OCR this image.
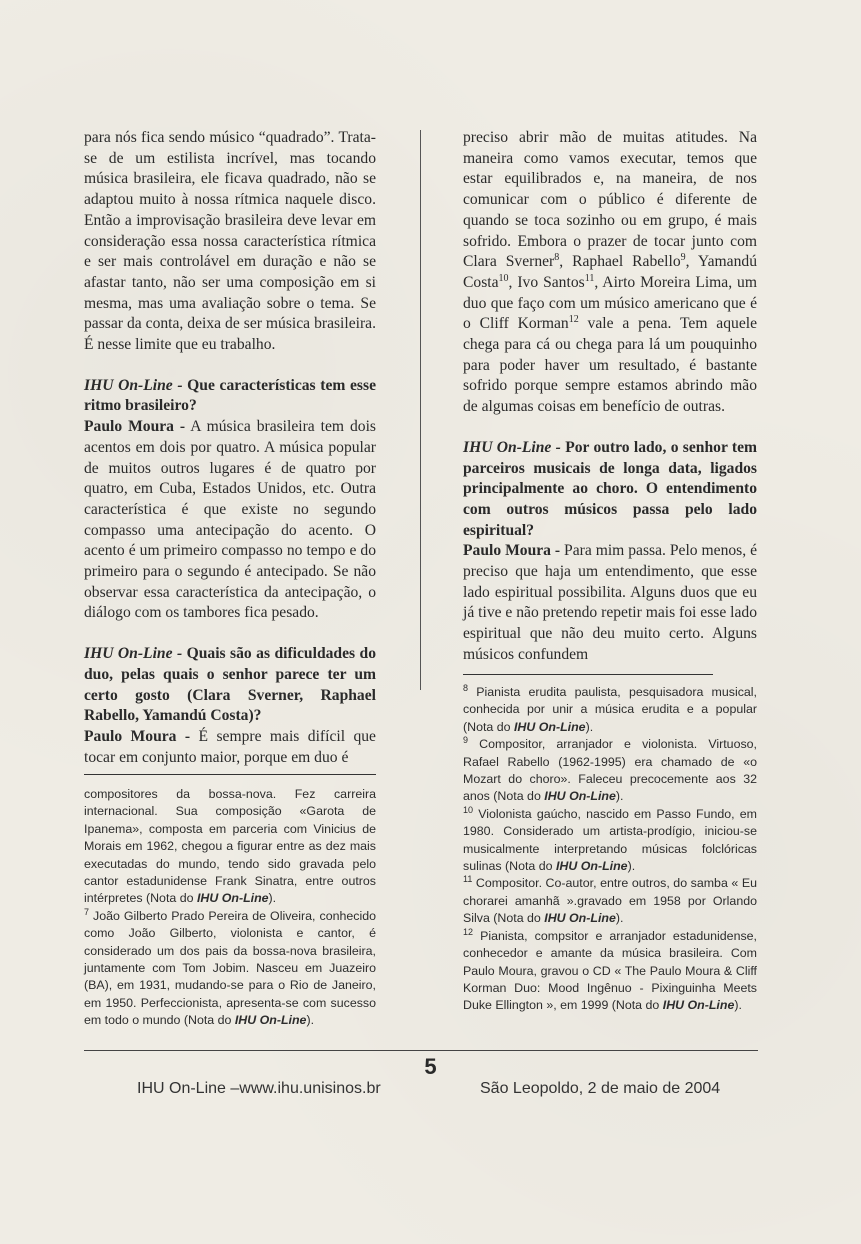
para nós fica sendo músico “quadrado”. Trata-se de um estilista incrível, mas tocando música brasileira, ele ficava quadrado, não se adaptou muito à nossa rítmica naquele disco. Então a improvisação brasileira deve levar em consideração essa nossa característica rítmica e ser mais controlável em duração e não se afastar tanto, não ser uma composição em si mesma, mas uma avaliação sobre o tema. Se passar da conta, deixa de ser música brasileira. É nesse limite que eu trabalho.

IHU On-Line - Que características tem esse ritmo brasileiro?

Paulo Moura - A música brasileira tem dois acentos em dois por quatro. A música popular de muitos outros lugares é de quatro por quatro, em Cuba, Estados Unidos, etc. Outra característica é que existe no segundo compasso uma antecipação do acento. O acento é um primeiro compasso no tempo e do primeiro para o segundo é antecipado. Se não observar essa característica da antecipação, o diálogo com os tambores fica pesado.

IHU On-Line - Quais são as dificuldades do duo, pelas quais o senhor parece ter um certo gosto (Clara Sverner, Raphael Rabello, Yamandú Costa)?

Paulo Moura - É sempre mais difícil que tocar em conjunto maior, porque em duo é

preciso abrir mão de muitas atitudes. Na maneira como vamos executar, temos que estar equilibrados e, na maneira, de nos comunicar com o público é diferente de quando se toca sozinho ou em grupo, é mais sofrido. Embora o prazer de tocar junto com Clara Sverner$^8$, Raphael Rabello$^9$, Yamandú Costa$^{10}$, Ivo Santos$^{11}$, Airto Moreira Lima, um duo que faço com um músico americano que é o Cliff Korman$^{12}$ vale a pena. Tem aquele chega para cá ou chega para lá um pouquinho para poder haver um resultado, é bastante sofrido porque sempre estamos abrindo mão de algumas coisas em benefício de outras.

IHU On-Line - Por outro lado, o senhor tem parceiros musicais de longa data, ligados principalmente ao choro. O entendimento com outros músicos passa pelo lado espiritual?

Paulo Moura - Para mim passa. Pelo menos, é preciso que haja um entendimento, que esse lado espiritual possibilita. Alguns duos que eu já tive e não pretendo repetir mais foi esse lado espiritual que não deu muito certo. Alguns músicos confundem

compositores da bossa-nova. Fez carreira internacional. Sua composição «Garota de Ipanema», composta em parceria com Vinicius de Morais em 1962, chegou a figurar entre as dez mais executadas do mundo, tendo sido gravada pelo cantor estadunidense Frank Sinatra, entre outros intérpretes (Nota do IHU On-Line).

$^7$ João Gilberto Prado Pereira de Oliveira, conhecido como João Gilberto, violonista e cantor, é considerado um dos pais da bossa-nova brasileira, juntamente com Tom Jobim. Nasceu em Juazeiro (BA), em 1931, mudando-se para o Rio de Janeiro, em 1950. Perfeccionista, apresenta-se com sucesso em todo o mundo (Nota do IHU On-Line).

$^8$ Pianista erudita paulista, pesquisadora musical, conhecida por unir a música erudita e a popular (Nota do IHU On-Line).

$^9$ Compositor, arranjador e violonista. Virtuoso, Rafael Rabello (1962-1995) era chamado de «o Mozart do choro». Faleceu precocemente aos 32 anos (Nota do IHU On-Line).

$^{10}$ Violonista gaúcho, nascido em Passo Fundo, em 1980. Considerado um artista-prodígio, iniciou-se musicalmente interpretando músicas folclóricas sulinas (Nota do IHU On-Line).

$^{11}$ Compositor. Co-autor, entre outros, do samba « Eu chorarei amanhã ».gravado em 1958 por Orlando Silva (Nota do IHU On-Line).

$^{12}$ Pianista, compsitor e arranjador estadunidense, conhecedor e amante da música brasileira. Com Paulo Moura, gravou o CD « The Paulo Moura & Cliff Korman Duo: Mood Ingênuo - Pixinguinha Meets Duke Ellington », em 1999 (Nota do IHU On-Line).

5
IHU On-Line –www.ihu.unisinos.br	São Leopoldo, 2 de maio de 2004
